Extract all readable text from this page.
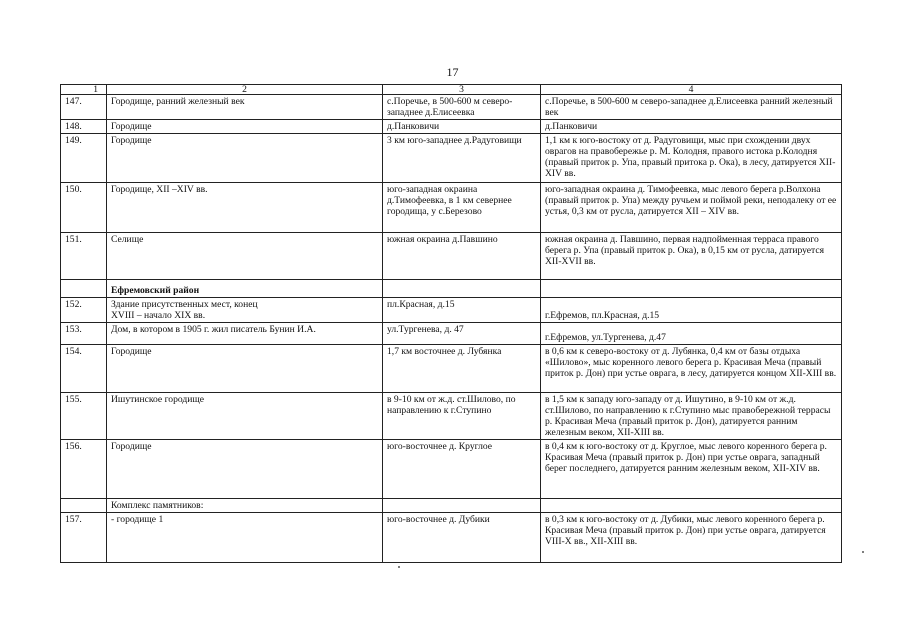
17
1	2	3	4
147.	Городище, ранний железный век	с.Поречье, в 500-600 м северо-западнее д.Елисеевка	с.Поречье, в 500-600 м северо-западнее д.Елисеевка ранний железный век
148.	Городище	д.Панковичи	д.Панковичи
149.	Городище	3 км юго-западнее д.Радуговищи	1,1 км к юго-востоку от д. Радуговищи, мыс при схождении двух оврагов на правобережье р. М. Колодня, правого истока р.Колодня (правый приток р. Упа, правый притока р. Ока), в лесу, датируется XII-XIV вв.
150.	Городище, XII –XIV вв.	юго-западная окраина д.Тимофеевка, в 1 км севернее городища, у с.Березово	юго-западная окраина д. Тимофеевка, мыс левого берега р.Волхона (правый приток р. Упа) между ручьем и поймой реки, неподалеку от ее устья, 0,3 км от русла, датируется XII – XIV вв.
151.	Селище	южная окраина д.Павшино	южная окраина д. Павшино, первая надпойменная терраса правого берега р. Упа (правый приток р. Ока), в 0,15 км от русла, датируется XII-XVII вв.
	Ефремовский район		
152.	Здание присутственных мест, конец XVIII – начало XIX вв.	пл.Красная, д.15	г.Ефремов, пл.Красная, д.15
153.	Дом, в котором в 1905 г. жил писатель Бунин И.А.	ул.Тургенева, д. 47	г.Ефремов, ул.Тургенева, д.47
154.	Городище	1,7 км восточнее д. Лубянка	в 0,6 км к северо-востоку от д. Лубянка, 0,4 км от базы отдыха «Шилово», мыс коренного левого берега р. Красивая Меча (правый приток р. Дон) при устье оврага, в лесу, датируется концом XII-XIII вв.
155.	Ишутинское городище	в 9-10 км от ж.д. ст.Шилово, по направлению к г.Ступино	в 1,5 км к западу юго-западу от д. Ишутино, в 9-10 км от ж.д. ст.Шилово, по направлению к г.Ступино мыс правобережной террасы р. Красивая Меча (правый приток р. Дон), датируется ранним железным веком, XII-XIII вв.
156.	Городище	юго-восточнее д. Круглое	в 0,4 км к юго-востоку от д. Круглое, мыс левого коренного берега р. Красивая Меча (правый приток р. Дон) при устье оврага, западный берег последнего, датируется ранним железным веком, XII-XIV вв.
	Комплекс памятников:		
157.	- городище 1	юго-восточнее д. Дубики	в 0,3 км к юго-востоку от д. Дубики, мыс левого коренного берега р. Красивая Меча (правый приток р. Дон) при устье оврага, датируется VIII-X вв., XII-XIII вв.
